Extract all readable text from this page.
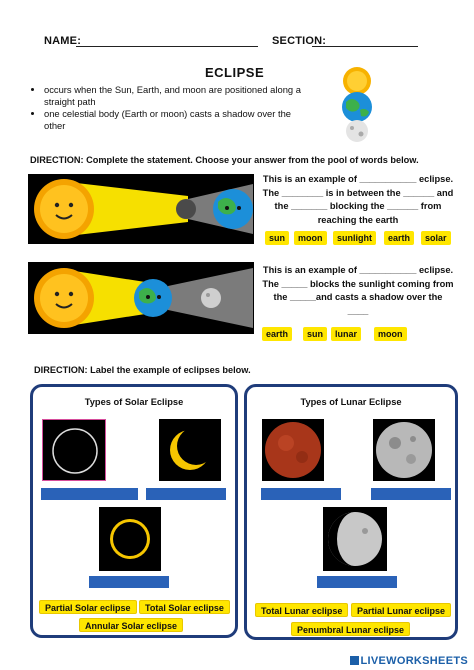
NAME:	SECTION:
ECLIPSE
• occurs when the Sun, Earth, and moon are positioned along a straight path
• one celestial body (Earth or moon) casts a shadow over the other
DIRECTION: Complete the statement. Choose your answer from the pool of words below.
This is an example of ___________ eclipse.
The ________ is in between the ______ and
the _______ blocking the ______ from
reaching the earth
sun	moon	sunlight	earth	solar
This is an example of ___________ eclipse.
The _____ blocks the sunlight coming from
the _____and casts a shadow over the
____
earth	sun	lunar	moon
DIRECTION: Label the example of eclipses below.
Types of Solar Eclipse
Partial Solar eclipse	Total Solar eclipse
Annular Solar eclipse
Types of Lunar Eclipse
Total Lunar eclipse	Partial Lunar eclipse
Penumbral Lunar eclipse
LIVEWORKSHEETS
